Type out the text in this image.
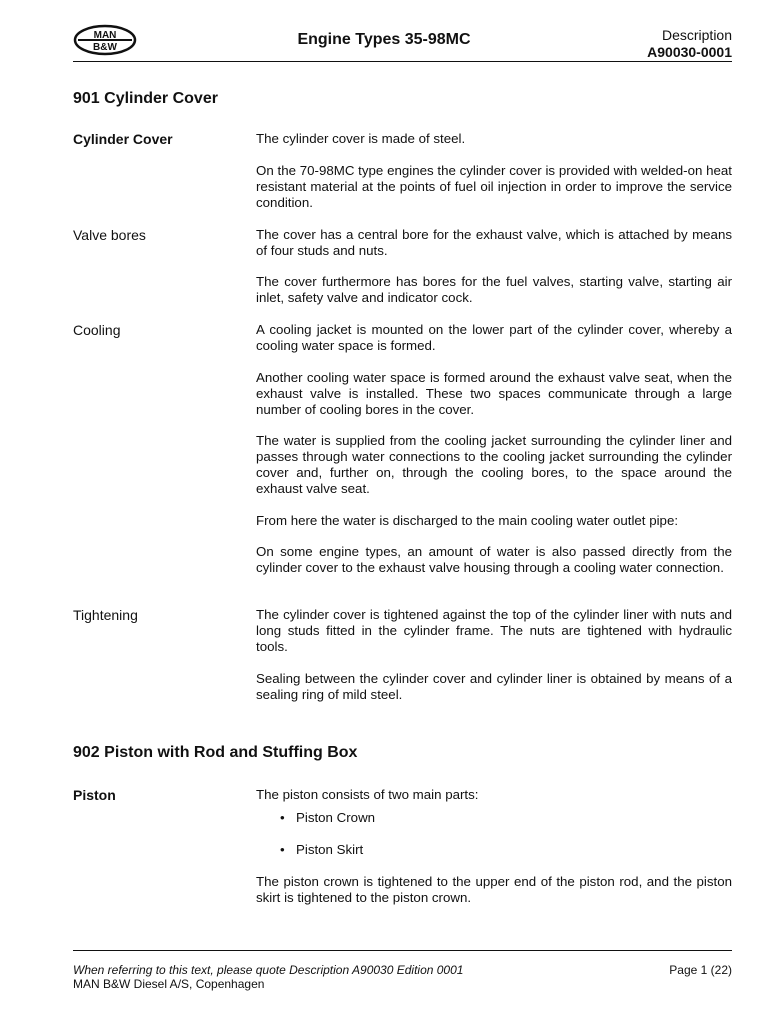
MAN
B&W	Engine Types 35-98MC	Description
A90030-0001
901 Cylinder Cover
Cylinder Cover	The cylinder cover is made of steel.
On the 70-98MC type engines the cylinder cover is provided with welded-on heat resistant material at the points of fuel oil injection in order to improve the service condition.
Valve bores	The cover has a central bore for the exhaust valve, which is attached by means of four studs and nuts.
The cover furthermore has bores for the fuel valves, starting valve, starting air inlet, safety valve and indicator cock.
Cooling	A cooling jacket is mounted on the lower part of the cylinder cover, whereby a cooling water space is formed.
Another cooling water space is formed around the exhaust valve seat, when the exhaust valve is installed. These two spaces communicate through a large number of cooling bores in the cover.
The water is supplied from the cooling jacket surrounding the cylinder liner and passes through water connections to the cooling jacket surrounding the cylinder cover and, further on, through the cooling bores, to the space around the exhaust valve seat.
From here the water is discharged to the main cooling water outlet pipe:
On some engine types, an amount of water is also passed directly from the cylinder cover to the exhaust valve housing through a cooling water connection.
Tightening	The cylinder cover is tightened against the top of the cylinder liner with nuts and long studs fitted in the cylinder frame. The nuts are tightened with hydraulic tools.
Sealing between the cylinder cover and cylinder liner is obtained by means of a sealing ring of mild steel.
902 Piston with Rod and Stuffing Box
Piston	The piston consists of two main parts:
• Piston Crown
• Piston Skirt
The piston crown is tightened to the upper end of the piston rod, and the piston skirt is tightened to the piston crown.
When referring to this text, please quote Description A90030 Edition 0001
MAN B&W Diesel A/S, Copenhagen
Page 1 (22)
